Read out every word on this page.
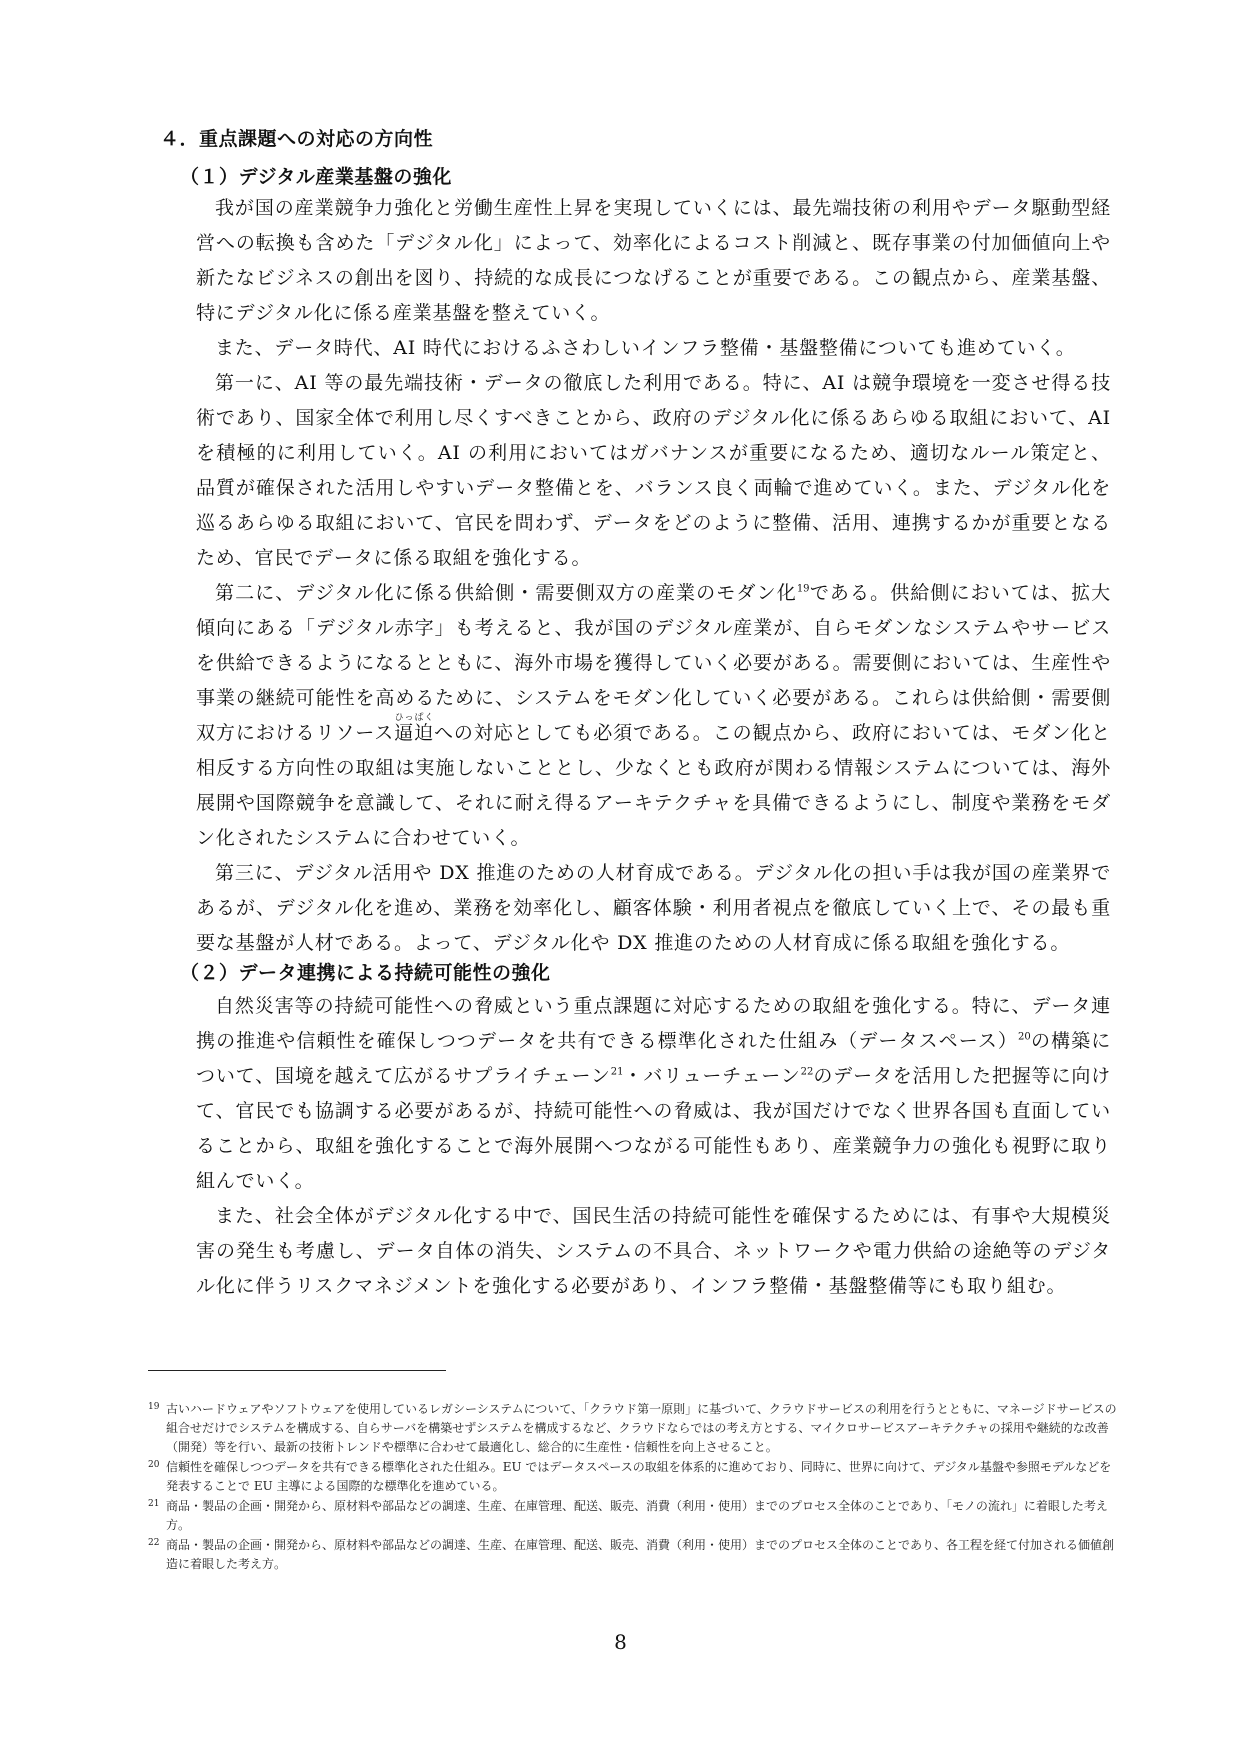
４．重点課題への対応の方向性
（１）デジタル産業基盤の強化

我が国の産業競争力強化と労働生産性上昇を実現していくには、最先端技術の利用やデータ駆動型経営への転換も含めた「デジタル化」によって、効率化によるコスト削減と、既存事業の付加価値向上や新たなビジネスの創出を図り、持続的な成長につなげることが重要である。この観点から、産業基盤、特にデジタル化に係る産業基盤を整えていく。

また、データ時代、AI 時代におけるふさわしいインフラ整備・基盤整備についても進めていく。

第一に、AI 等の最先端技術・データの徹底した利用である。特に、AI は競争環境を一変させ得る技術であり、国家全体で利用し尽くすべきことから、政府のデジタル化に係るあらゆる取組において、AI を積極的に利用していく。AI の利用においてはガバナンスが重要になるため、適切なルール策定と、品質が確保された活用しやすいデータ整備とを、バランス良く両輪で進めていく。また、デジタル化を巡るあらゆる取組において、官民を問わず、データをどのように整備、活用、連携するかが重要となるため、官民でデータに係る取組を強化する。

第二に、デジタル化に係る供給側・需要側双方の産業のモダン化$^{19}$である。供給側においては、拡大傾向にある「デジタル赤字」も考えると、我が国のデジタル産業が、自らモダンなシステムやサービスを供給できるようになるとともに、海外市場を獲得していく必要がある。需要側においては、生産性や事業の継続可能性を高めるために、システムをモダン化していく必要がある。これらは供給側・需要側双方におけるリソース逼迫ひっぱくへの対応としても必須である。この観点から、政府においては、モダン化と相反する方向性の取組は実施しないこととし、少なくとも政府が関わる情報システムについては、海外展開や国際競争を意識して、それに耐え得るアーキテクチャを具備できるようにし、制度や業務をモダン化されたシステムに合わせていく。

第三に、デジタル活用や DX 推進のための人材育成である。デジタル化の担い手は我が国の産業界であるが、デジタル化を進め、業務を効率化し、顧客体験・利用者視点を徹底していく上で、その最も重要な基盤が人材である。よって、デジタル化や DX 推進のための人材育成に係る取組を強化する。

（２）データ連携による持続可能性の強化

自然災害等の持続可能性への脅威という重点課題に対応するための取組を強化する。特に、データ連携の推進や信頼性を確保しつつデータを共有できる標準化された仕組み（データスペース）$^{20}$の構築について、国境を越えて広がるサプライチェーン$^{21}$・バリューチェーン$^{22}$のデータを活用した把握等に向けて、官民でも協調する必要があるが、持続可能性への脅威は、我が国だけでなく世界各国も直面していることから、取組を強化することで海外展開へつながる可能性もあり、産業競争力の強化も視野に取り組んでいく。

また、社会全体がデジタル化する中で、国民生活の持続可能性を確保するためには、有事や大規模災害の発生も考慮し、データ自体の消失、システムの不具合、ネットワークや電力供給の途絶等のデジタル化に伴うリスクマネジメントを強化する必要があり、インフラ整備・基盤整備等にも取り組む。

19 古いハードウェアやソフトウェアを使用しているレガシーシステムについて、「クラウド第一原則」に基づいて、クラウドサービスの利用を行うとともに、マネージドサービスの組合せだけでシステムを構成する、自らサーバを構築せずシステムを構成するなど、クラウドならではの考え方とする、マイクロサービスアーキテクチャの採用や継続的な改善（開発）等を行い、最新の技術トレンドや標準に合わせて最適化し、総合的に生産性・信頼性を向上させること。
20 信頼性を確保しつつデータを共有できる標準化された仕組み。EU ではデータスペースの取組を体系的に進めており、同時に、世界に向けて、デジタル基盤や参照モデルなどを発表することで EU 主導による国際的な標準化を進めている。
21 商品・製品の企画・開発から、原材料や部品などの調達、生産、在庫管理、配送、販売、消費（利用・使用）までのプロセス全体のことであり、「モノの流れ」に着眼した考え方。
22 商品・製品の企画・開発から、原材料や部品などの調達、生産、在庫管理、配送、販売、消費（利用・使用）までのプロセス全体のことであり、各工程を経て付加される価値創造に着眼した考え方。
8
